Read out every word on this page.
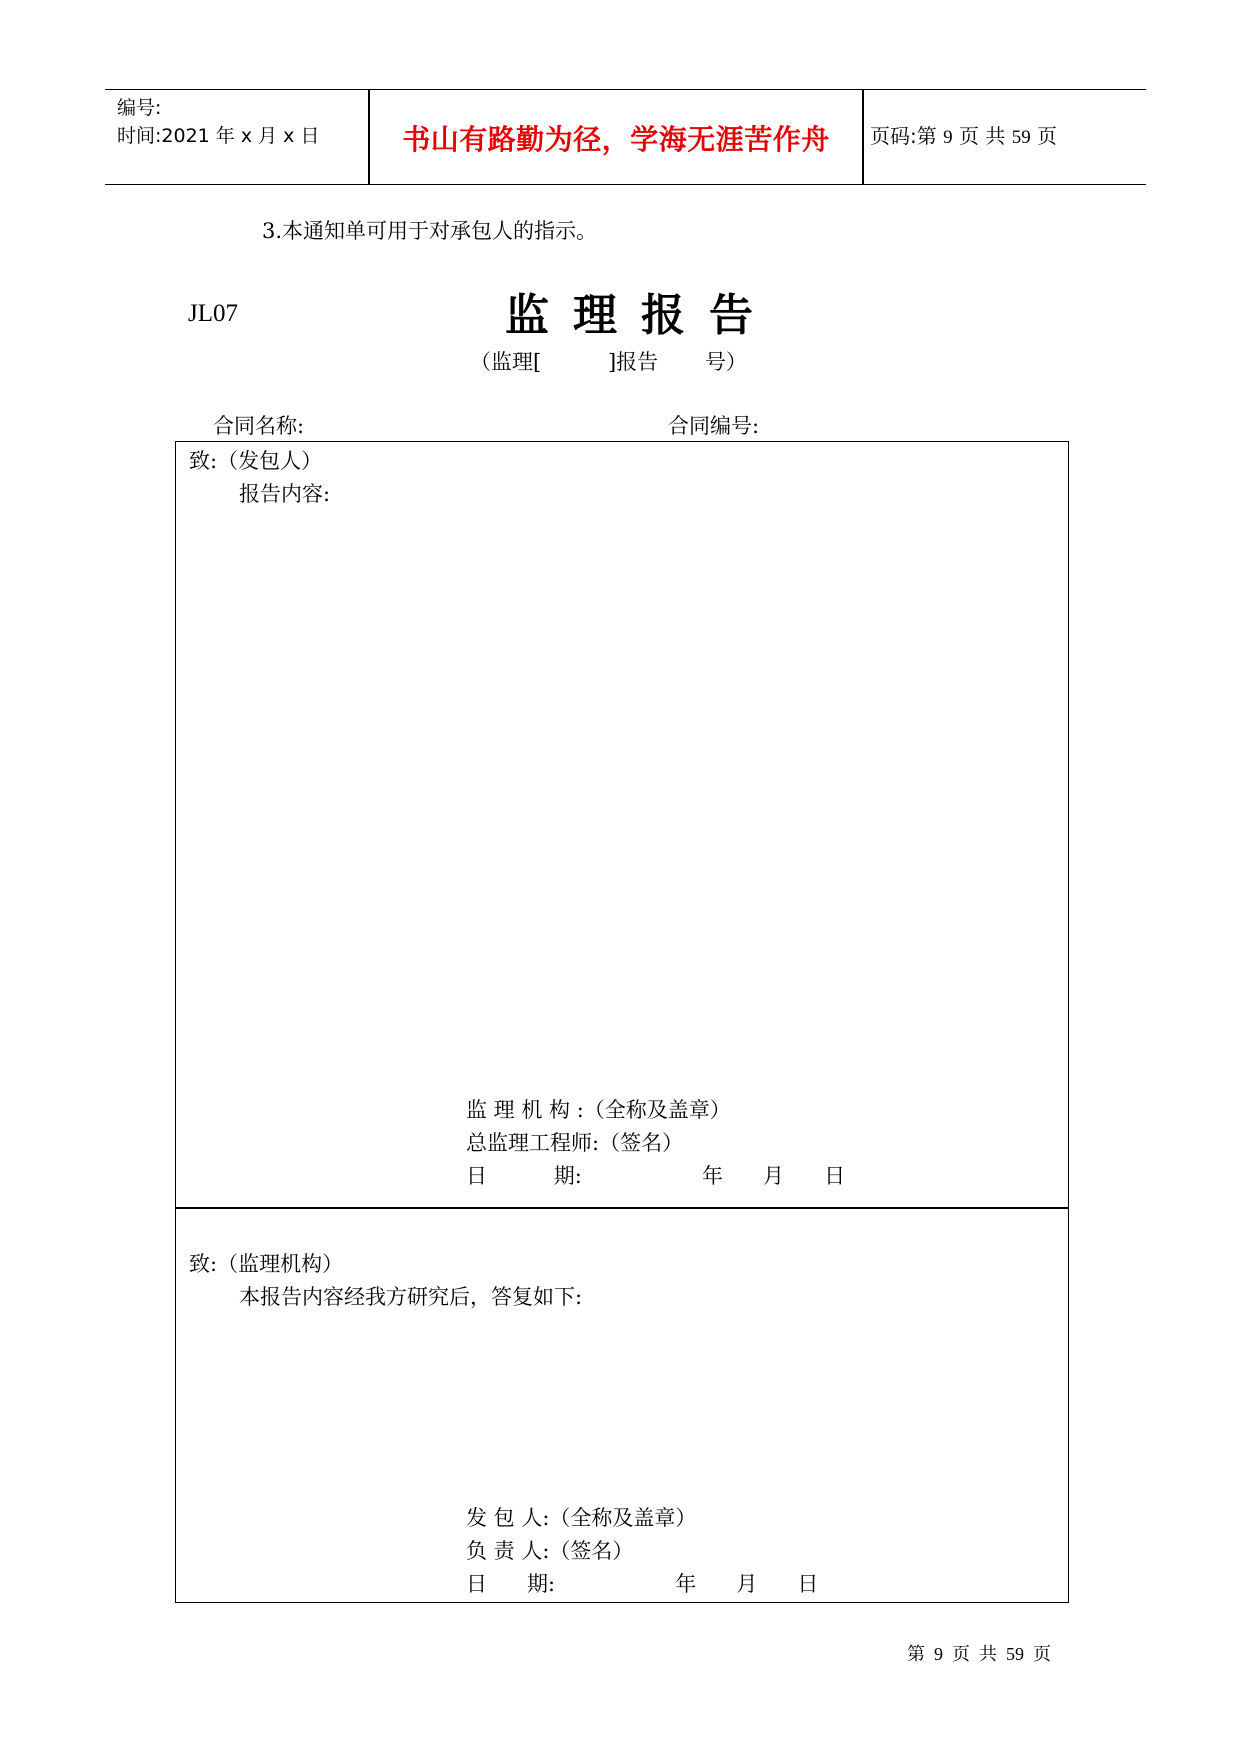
编号:
时间:2021 年 x 月 x 日	书山有路勤为径，学海无涯苦作舟	页码:第 9 页 共 59 页
3.本通知单可用于对承包人的指示。
JL07	监理报告
（监理[          ]报告       号）
合同名称:	合同编号:
致:（发包人）
报告内容:
监 理 机 构 :（全称及盖章）
总监理工程师:（签名）
日          期:                  年      月      日
致:（监理机构）
本报告内容经我方研究后，答复如下:
发 包 人:（全称及盖章）
负 责 人:（签名）
日      期:                  年      月      日
第  9  页  共  59  页
